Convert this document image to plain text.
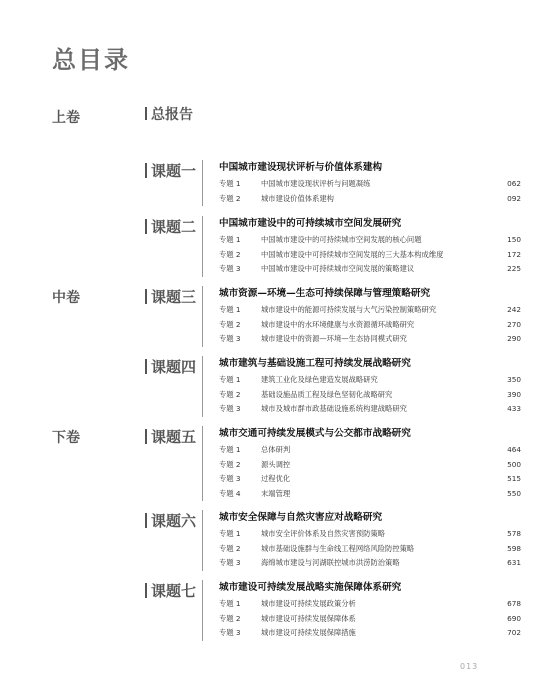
总目录
上卷
中卷
下卷
总报告
课题一 中国城市建设现状评析与价值体系建构
专题 1	中国城市建设现状评析与问题凝练	062
专题 2	城市建设价值体系建构	092
课题二 中国城市建设中的可持续城市空间发展研究
专题 1	中国城市建设中的可持续城市空间发展的核心问题	150
专题 2	中国城市建设中可持续城市空间发展的三大基本构成维度	172
专题 3	中国城市建设中可持续城市空间发展的策略建议	225
课题三 城市资源—环境—生态可持续保障与管理策略研究
专题 1	城市建设中的能源可持续发展与大气污染控制策略研究	242
专题 2	城市建设中的水环境健康与水资源循环战略研究	270
专题 3	城市建设中的资源—环境—生态协同模式研究	290
课题四 城市建筑与基础设施工程可持续发展战略研究
专题 1	建筑工业化及绿色建造发展战略研究	350
专题 2	基础设施品质工程及绿色坚韧化战略研究	390
专题 3	城市及城市群市政基础设施系统构建战略研究	433
课题五 城市交通可持续发展模式与公交都市战略研究
专题 1	总体研判	464
专题 2	源头调控	500
专题 3	过程优化	515
专题 4	末端管理	550
课题六 城市安全保障与自然灾害应对战略研究
专题 1	城市安全评价体系及自然灾害预防策略	578
专题 2	城市基础设施群与生命线工程网络风险防控策略	598
专题 3	海绵城市建设与河湖联控城市洪涝防治策略	631
课题七 城市建设可持续发展战略实施保障体系研究
专题 1	城市建设可持续发展政策分析	678
专题 2	城市建设可持续发展保障体系	690
专题 3	城市建设可持续发展保障措施	702
013
